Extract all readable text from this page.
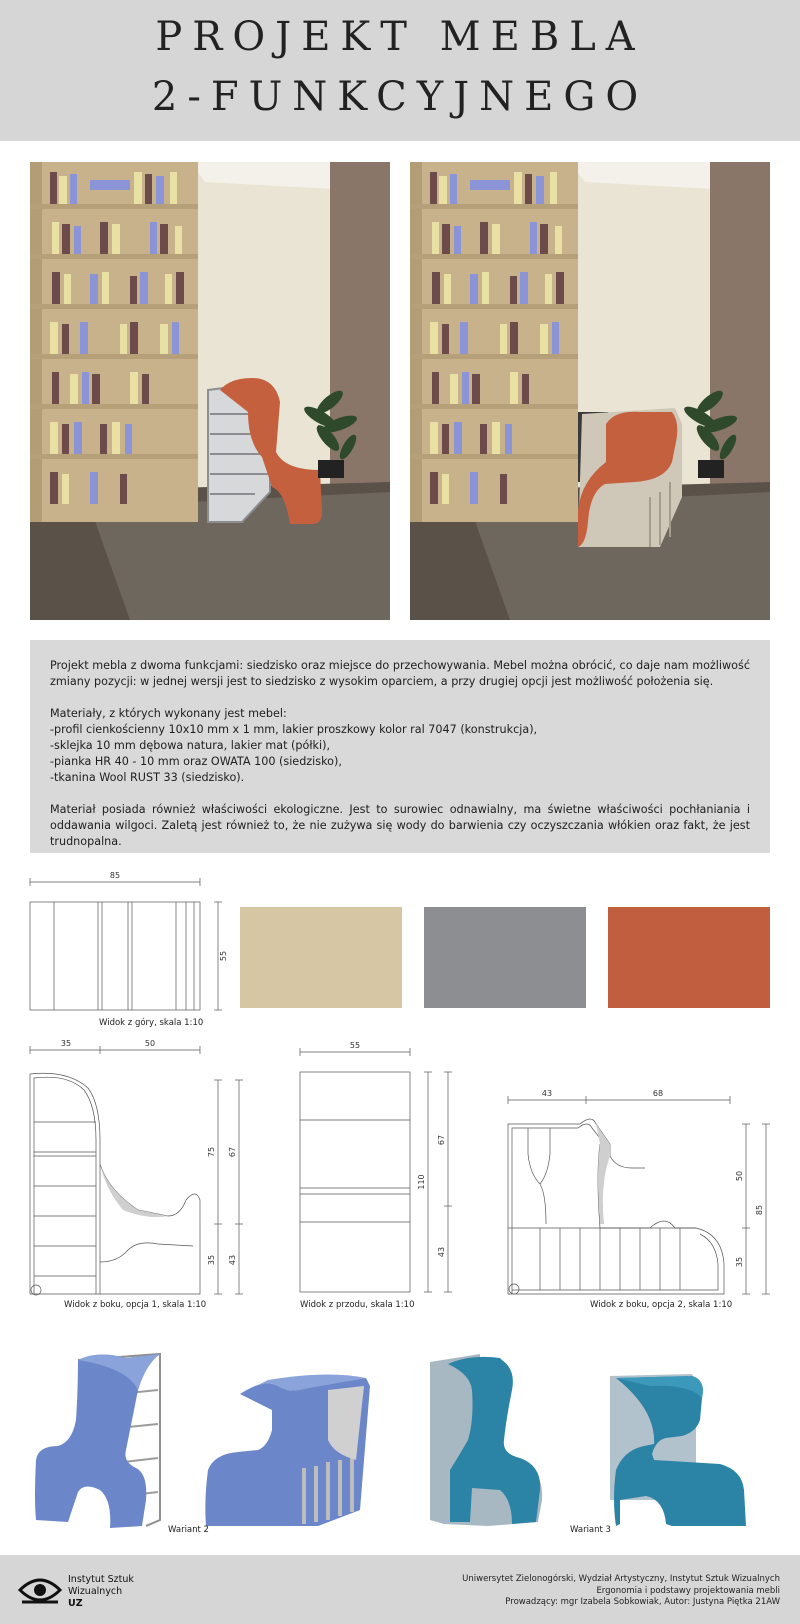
PROJEKT MEBLA
2-FUNKCYJNEGO
Projekt mebla z dwoma funkcjami: siedzisko oraz miejsce do przechowywania. Mebel można obrócić, co daje nam możliwość zmiany pozycji: w jednej wersji jest to siedzisko z wysokim oparciem, a przy drugiej opcji jest możliwość położenia się.
Materiały, z których wykonany jest mebel:
-profil cienkościenny 10x10 mm x 1 mm, lakier proszkowy kolor ral 7047 (konstrukcja),
-sklejka 10 mm dębowa natura, lakier mat (półki),
-pianka HR 40 - 10 mm oraz OWATA 100 (siedzisko),
-tkanina Wool RUST 33 (siedzisko).
Materiał posiada również właściwości ekologiczne. Jest to surowiec odnawialny, ma świetne właściwości pochłaniania i oddawania wilgoci. Zaletą jest również to, że nie zużywa się wody do barwienia czy oczyszczania włókien oraz fakt, że jest trudnopalna.
85
55
Widok z góry, skala 1:10
35	50
75
35
67
43
Widok z boku, opcja 1, skala 1:10
55
110
67
43
Widok z przodu, skala 1:10
43	68
50
35
85
Widok z boku, opcja 2, skala 1:10
Wariant 2	Wariant 3
Instytut Sztuk
Wizualnych
UZ
Uniwersytet Zielonogórski, Wydział Artystyczny, Instytut Sztuk Wizualnych
Ergonomia i podstawy projektowania mebli
Prowadzący: mgr Izabela Sobkowiak, Autor: Justyna Piętka 21AW
